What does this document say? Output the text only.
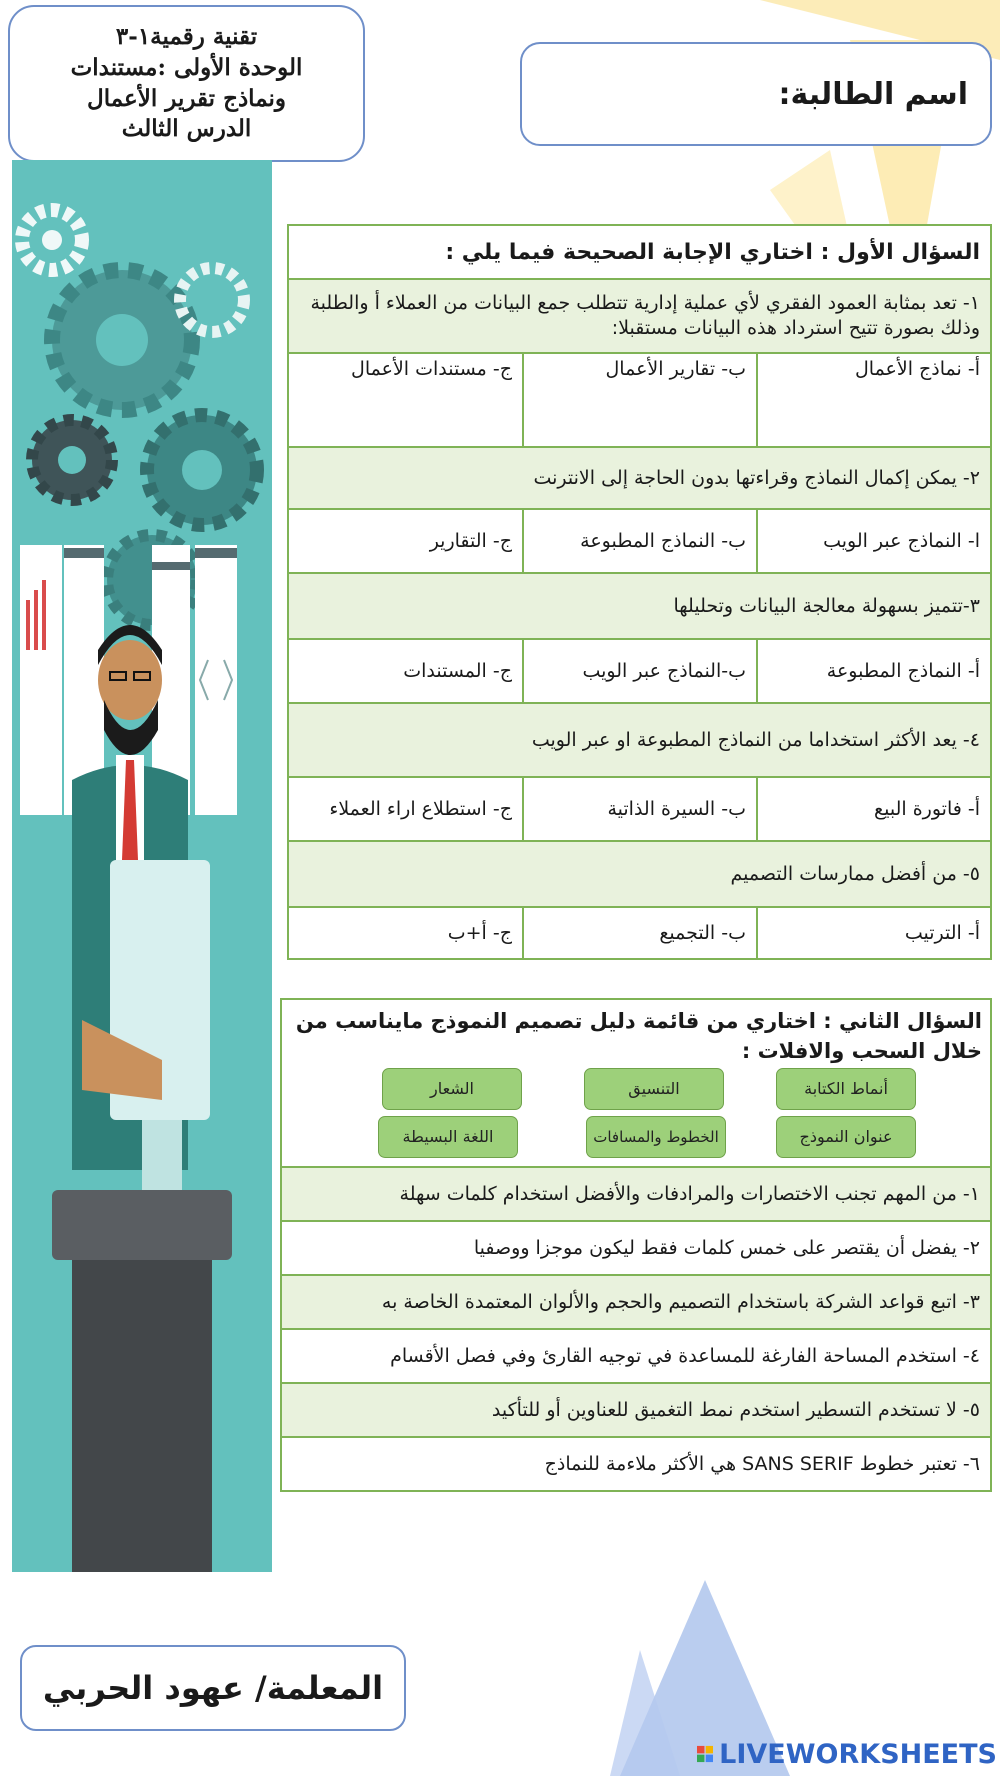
تقنية رقمية١-٣
الوحدة الأولى :مستندات
ونماذج تقرير الأعمال
الدرس الثالث
اسم الطالبة:
السؤال الأول : اختاري الإجابة الصحيحة فيما يلي :		
١- تعد بمثابة العمود الفقري لأي عملية إدارية تتطلب جمع البيانات من العملاء أ والطلبة وذلك بصورة تتيح استرداد هذه البيانات مستقبلا:		
أ- نماذج الأعمال	ب- تقارير الأعمال	ج- مستندات الأعمال
٢- يمكن إكمال النماذج وقراءتها بدون الحاجة إلى الانترنت		
ا- النماذج عبر الويب	ب- النماذج المطبوعة	ج- التقارير
٣-تتميز بسهولة معالجة البيانات وتحليلها		
أ- النماذج المطبوعة	ب-النماذج عبر الويب	ج- المستندات
٤- يعد الأكثر استخداما من النماذج المطبوعة او عبر الويب		
أ- فاتورة البيع	ب- السيرة الذاتية	ج- استطلاع اراء العملاء
٥- من أفضل ممارسات التصميم		
أ- الترتيب	ب- التجميع	ج- أ+ب
السؤال الثاني : اختاري من قائمة دليل تصميم النموذج مايناسب من خلال السحب والافلات :
أنماط الكتابة
التنسيق
الشعار
عنوان النموذج
الخطوط والمسافات
اللغة البسيطة
١- من المهم تجنب الاختصارات والمرادفات والأفضل استخدام كلمات سهلة
٢- يفضل أن يقتصر على خمس كلمات فقط ليكون موجزا ووصفيا
٣- اتبع قواعد الشركة باستخدام التصميم والحجم والألوان المعتمدة الخاصة به
٤- استخدم المساحة الفارغة للمساعدة في توجيه القارئ وفي فصل الأقسام
٥- لا تستخدم التسطير استخدم نمط التغميق للعناوين أو للتأكيد
٦- تعتبر خطوط SANS SERIF هي الأكثر ملاءمة للنماذج
المعلمة/ عهود الحربي
LIVEWORKSHEETS
